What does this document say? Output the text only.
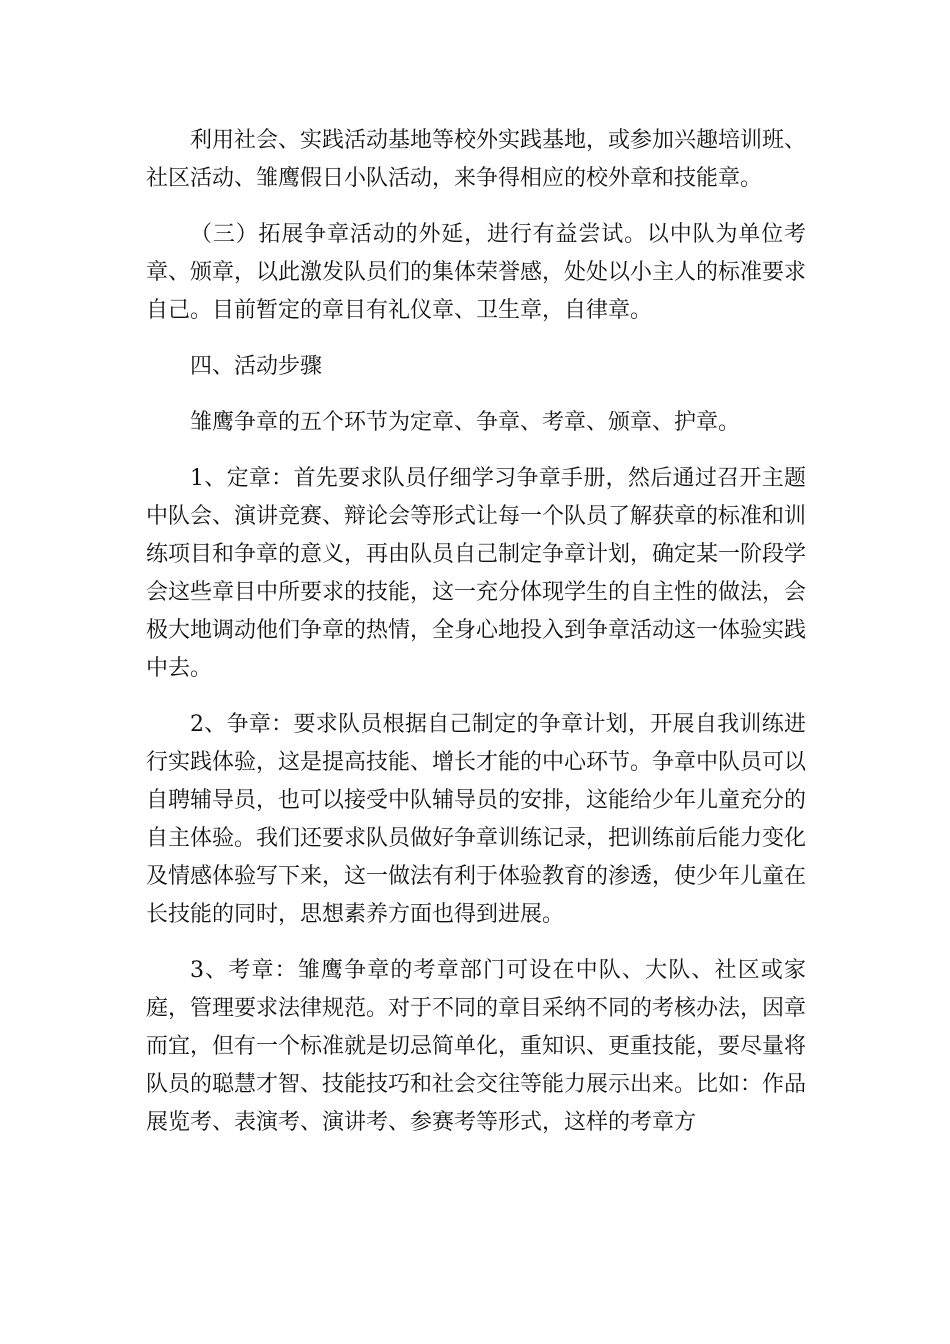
利用社会、实践活动基地等校外实践基地，或参加兴趣培训班、社区活动、雏鹰假日小队活动，来争得相应的校外章和技能章。

（三）拓展争章活动的外延，进行有益尝试。以中队为单位考章、颁章，以此激发队员们的集体荣誉感，处处以小主人的标准要求自己。目前暂定的章目有礼仪章、卫生章，自律章。

四、活动步骤

雏鹰争章的五个环节为定章、争章、考章、颁章、护章。

1、定章：首先要求队员仔细学习争章手册，然后通过召开主题中队会、演讲竞赛、辩论会等形式让每一个队员了解获章的标准和训练项目和争章的意义，再由队员自己制定争章计划，确定某一阶段学会这些章目中所要求的技能，这一充分体现学生的自主性的做法，会极大地调动他们争章的热情，全身心地投入到争章活动这一体验实践中去。

2、争章：要求队员根据自己制定的争章计划，开展自我训练进行实践体验，这是提高技能、增长才能的中心环节。争章中队员可以自聘辅导员，也可以接受中队辅导员的安排，这能给少年儿童充分的自主体验。我们还要求队员做好争章训练记录，把训练前后能力变化及情感体验写下来，这一做法有利于体验教育的渗透，使少年儿童在长技能的同时，思想素养方面也得到进展。

3、考章：雏鹰争章的考章部门可设在中队、大队、社区或家庭，管理要求法律规范。对于不同的章目采纳不同的考核办法，因章而宜，但有一个标准就是切忌简单化，重知识、更重技能，要尽量将队员的聪慧才智、技能技巧和社会交往等能力展示出来。比如：作品展览考、表演考、演讲考、参赛考等形式，这样的考章方
